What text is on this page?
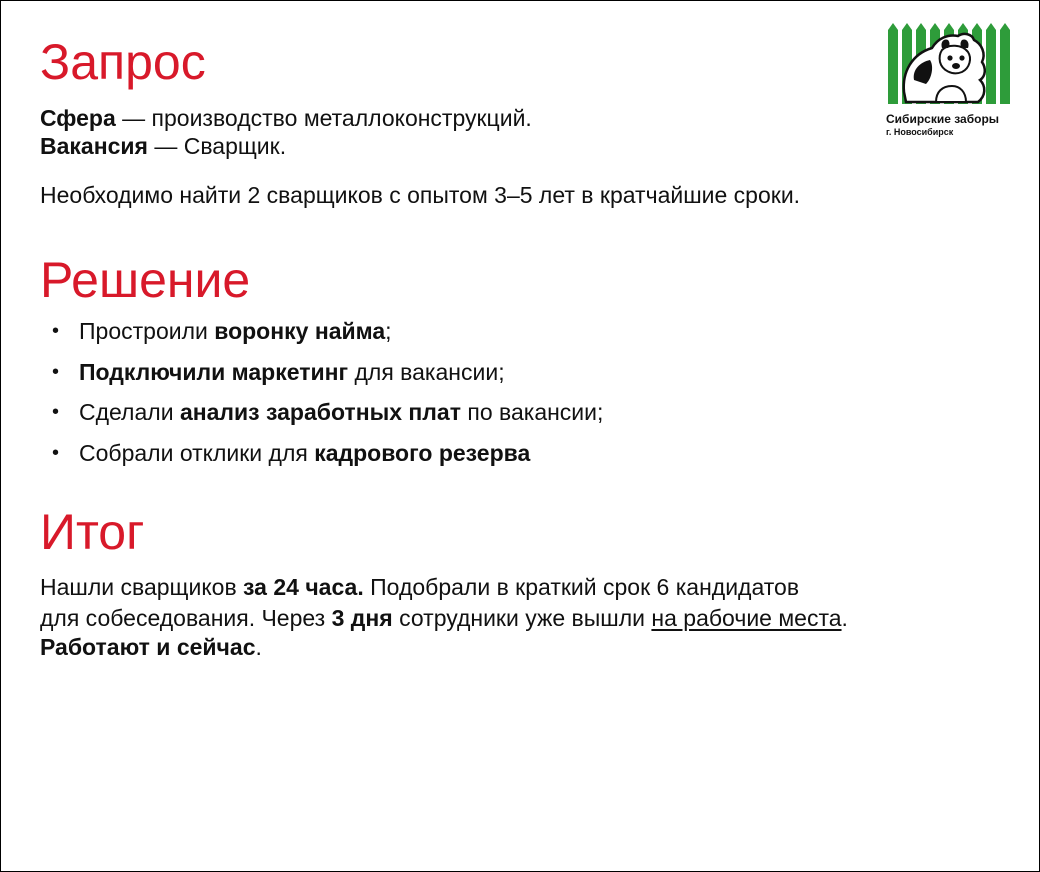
Сибирские заборы
г. Новосибирск
Запрос

Сфера — производство металлоконструкций.

Вакансия — Сварщик.

Необходимо найти 2 сварщиков с опытом 3–5 лет в кратчайшие сроки.

Решение
• Простроили воронку найма;
• Подключили маркетинг для вакансии;
• Сделали анализ заработных плат по вакансии;
• Собрали отклики для кадрового резерва
Итог

Нашли сварщиков за 24 часа. Подобрали в краткий срок 6 кандидатов

для собеседования. Через 3 дня сотрудники уже вышли на рабочие места.

Работают и сейчас.
